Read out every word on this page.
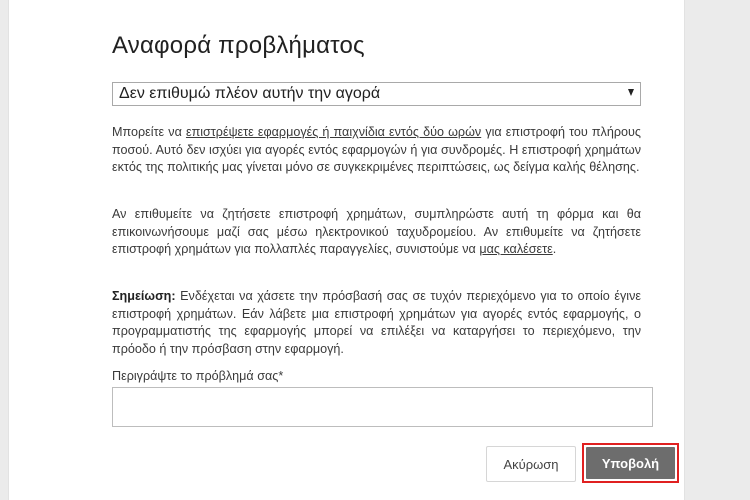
Αναφορά προβλήματος
Δεν επιθυμώ πλέον αυτήν την αγορά

Μπορείτε να επιστρέψετε εφαρμογές ή παιχνίδια εντός δύο ωρών για επιστροφή του πλήρους ποσού. Αυτό δεν ισχύει για αγορές εντός εφαρμογών ή για συνδρομές. Η επιστροφή χρημάτων εκτός της πολιτικής μας γίνεται μόνο σε συγκεκριμένες περιπτώσεις, ως δείγμα καλής θέλησης.

Αν επιθυμείτε να ζητήσετε επιστροφή χρημάτων, συμπληρώστε αυτή τη φόρμα και θα επικοινωνήσουμε μαζί σας μέσω ηλεκτρονικού ταχυδρομείου. Αν επιθυμείτε να ζητήσετε επιστροφή χρημάτων για πολλαπλές παραγγελίες, συνιστούμε να μας καλέσετε.

Σημείωση: Ενδέχεται να χάσετε την πρόσβασή σας σε τυχόν περιεχόμενο για το οποίο έγινε επιστροφή χρημάτων. Εάν λάβετε μια επιστροφή χρημάτων για αγορές εντός εφαρμογής, ο προγραμματιστής της εφαρμογής μπορεί να επιλέξει να καταργήσει το περιεχόμενο, την πρόοδο ή την πρόσβαση στην εφαρμογή.

Περιγράψτε το πρόβλημά σας*
Ακύρωση	Υποβολή
